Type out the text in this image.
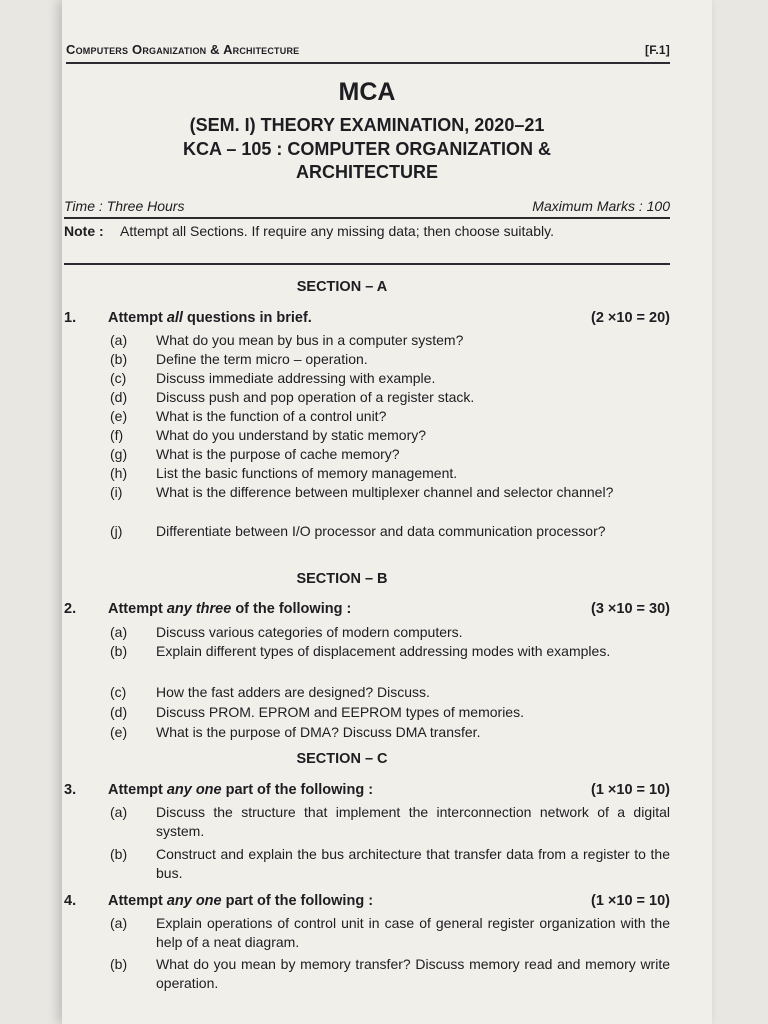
Computers Organization & Architecture	[F.1]
MCA
(SEM. I) THEORY EXAMINATION, 2020–21
KCA – 105 : COMPUTER ORGANIZATION &
ARCHITECTURE
Time : Three Hours	Maximum Marks : 100
Note :	Attempt all Sections. If require any missing data; then choose suitably.
SECTION – A
1.	Attempt all questions in brief.	(2 ×10 = 20)
(a)	What do you mean by bus in a computer system?
(b)	Define the term micro – operation.
(c)	Discuss immediate addressing with example.
(d)	Discuss push and pop operation of a register stack.
(e)	What is the function of a control unit?
(f)	What do you understand by static memory?
(g)	What is the purpose of cache memory?
(h)	List the basic functions of memory management.
(i)	What is the difference between multiplexer channel and selector channel?
(j)	Differentiate between I/O processor and data communication processor?
SECTION – B
2.	Attempt any three of the following :	(3 ×10 = 30)
(a)	Discuss various categories of modern computers.
(b)	Explain different types of displacement addressing modes with examples.
(c)	How the fast adders are designed? Discuss.
(d)	Discuss PROM. EPROM and EEPROM types of memories.
(e)	What is the purpose of DMA? Discuss DMA transfer.
SECTION – C
3.	Attempt any one part of the following :	(1 ×10 = 10)
(a)	Discuss the structure that implement the interconnection network of a digital system.
(b)	Construct and explain the bus architecture that transfer data from a register to the bus.
4.	Attempt any one part of the following :	(1 ×10 = 10)
(a)	Explain operations of control unit in case of general register organization with the help of a neat diagram.
(b)	What do you mean by memory transfer? Discuss memory read and memory write operation.
